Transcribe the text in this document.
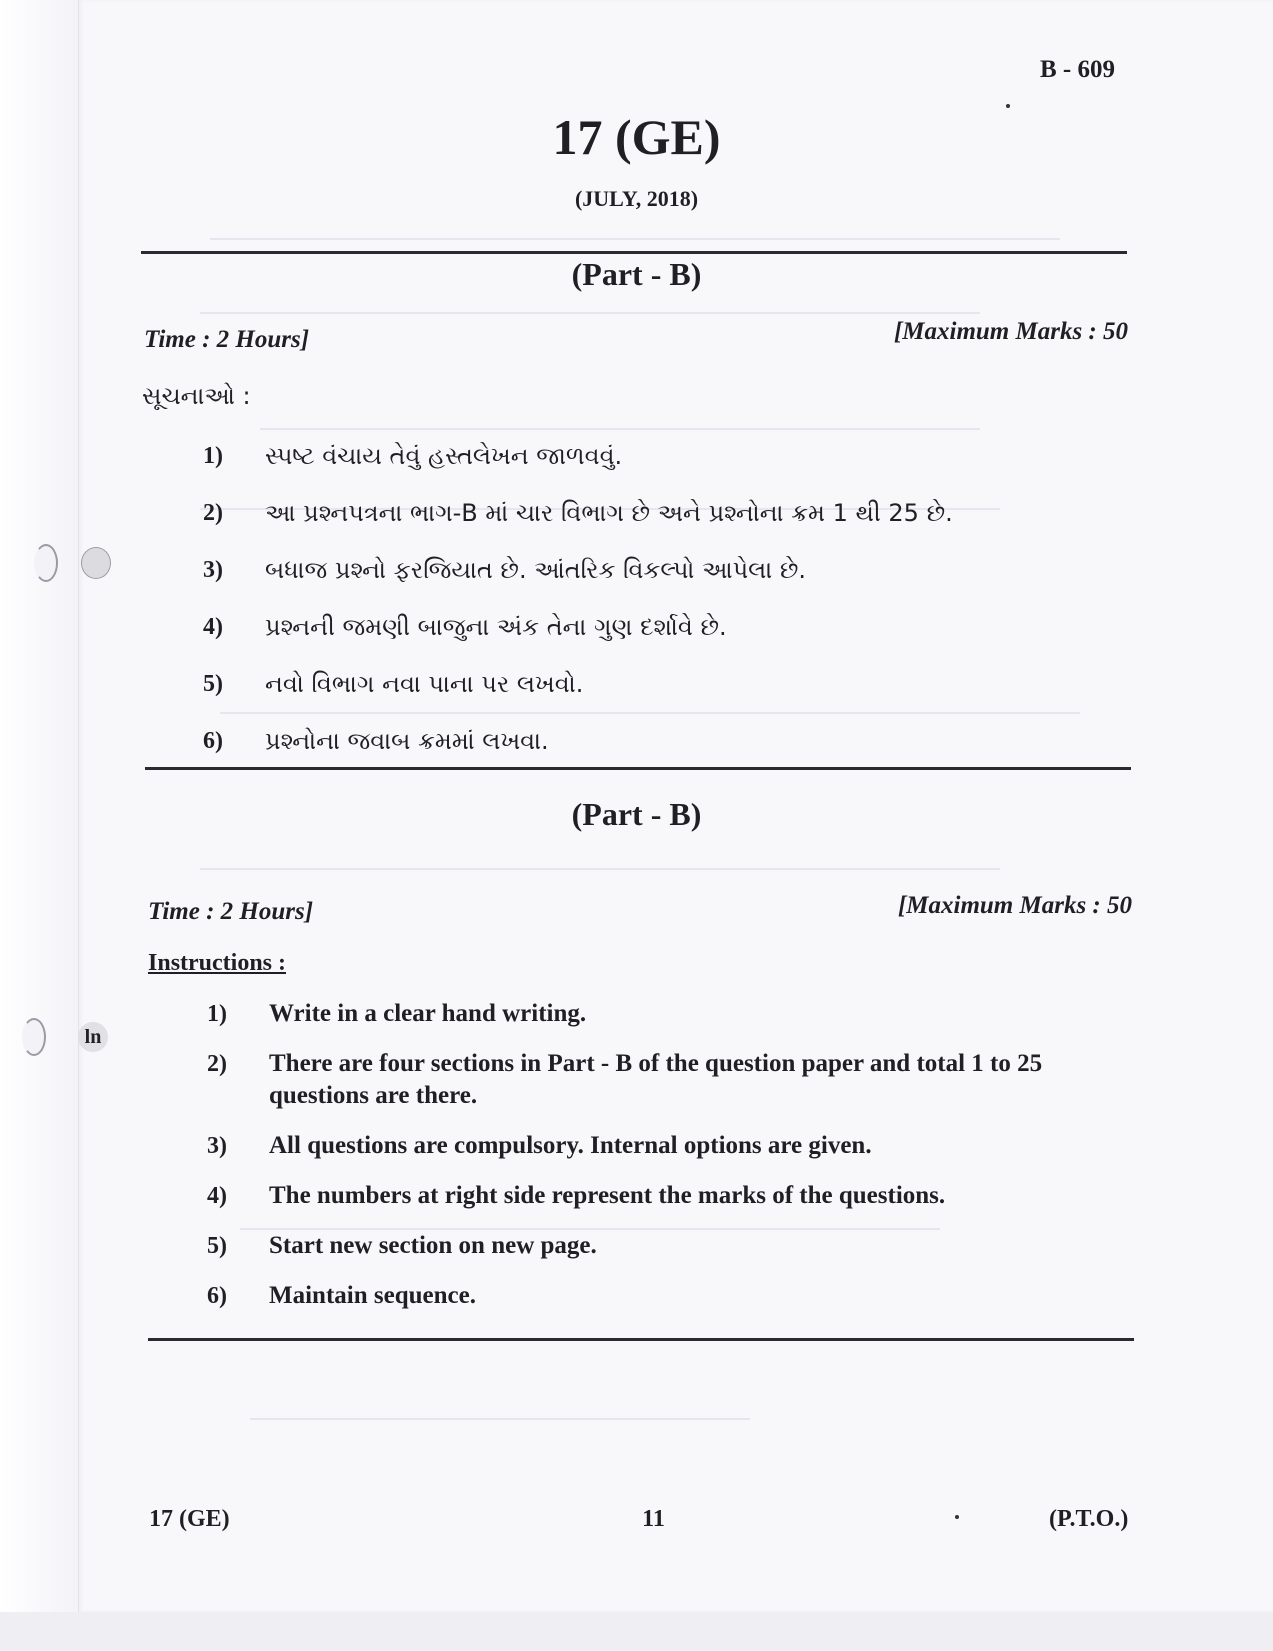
ln
B - 609
17 (GE)
(JULY, 2018)
(Part - B)
Time : 2 Hours]	[Maximum Marks : 50
સૂચનાઓ :
1) સ્પષ્ટ વંચાય તેવું હસ્તલેખન જાળવવું.
2) આ પ્રશ્નપત્રના ભાગ-B માં ચાર વિભાગ છે અને પ્રશ્નોના ક્રમ 1 થી 25 છે.
3) બધાજ પ્રશ્નો ફરજિયાત છે. આંતરિક વિકલ્પો આપેલા છે.
4) પ્રશ્નની જમણી બાજુના અંક તેના ગુણ દર્શાવે છે.
5) નવો વિભાગ નવા પાના પર લખવો.
6) પ્રશ્નોના જવાબ ક્રમમાં લખવા.
(Part - B)
Time : 2 Hours]	[Maximum Marks : 50
Instructions :
1) Write in a clear hand writing.
2) There are four sections in Part - B of the question paper and total 1 to 25 questions are there.
3) All questions are compulsory. Internal options are given.
4) The numbers at right side represent the marks of the questions.
5) Start new section on new page.
6) Maintain sequence.
17 (GE)	11	(P.T.O.)
